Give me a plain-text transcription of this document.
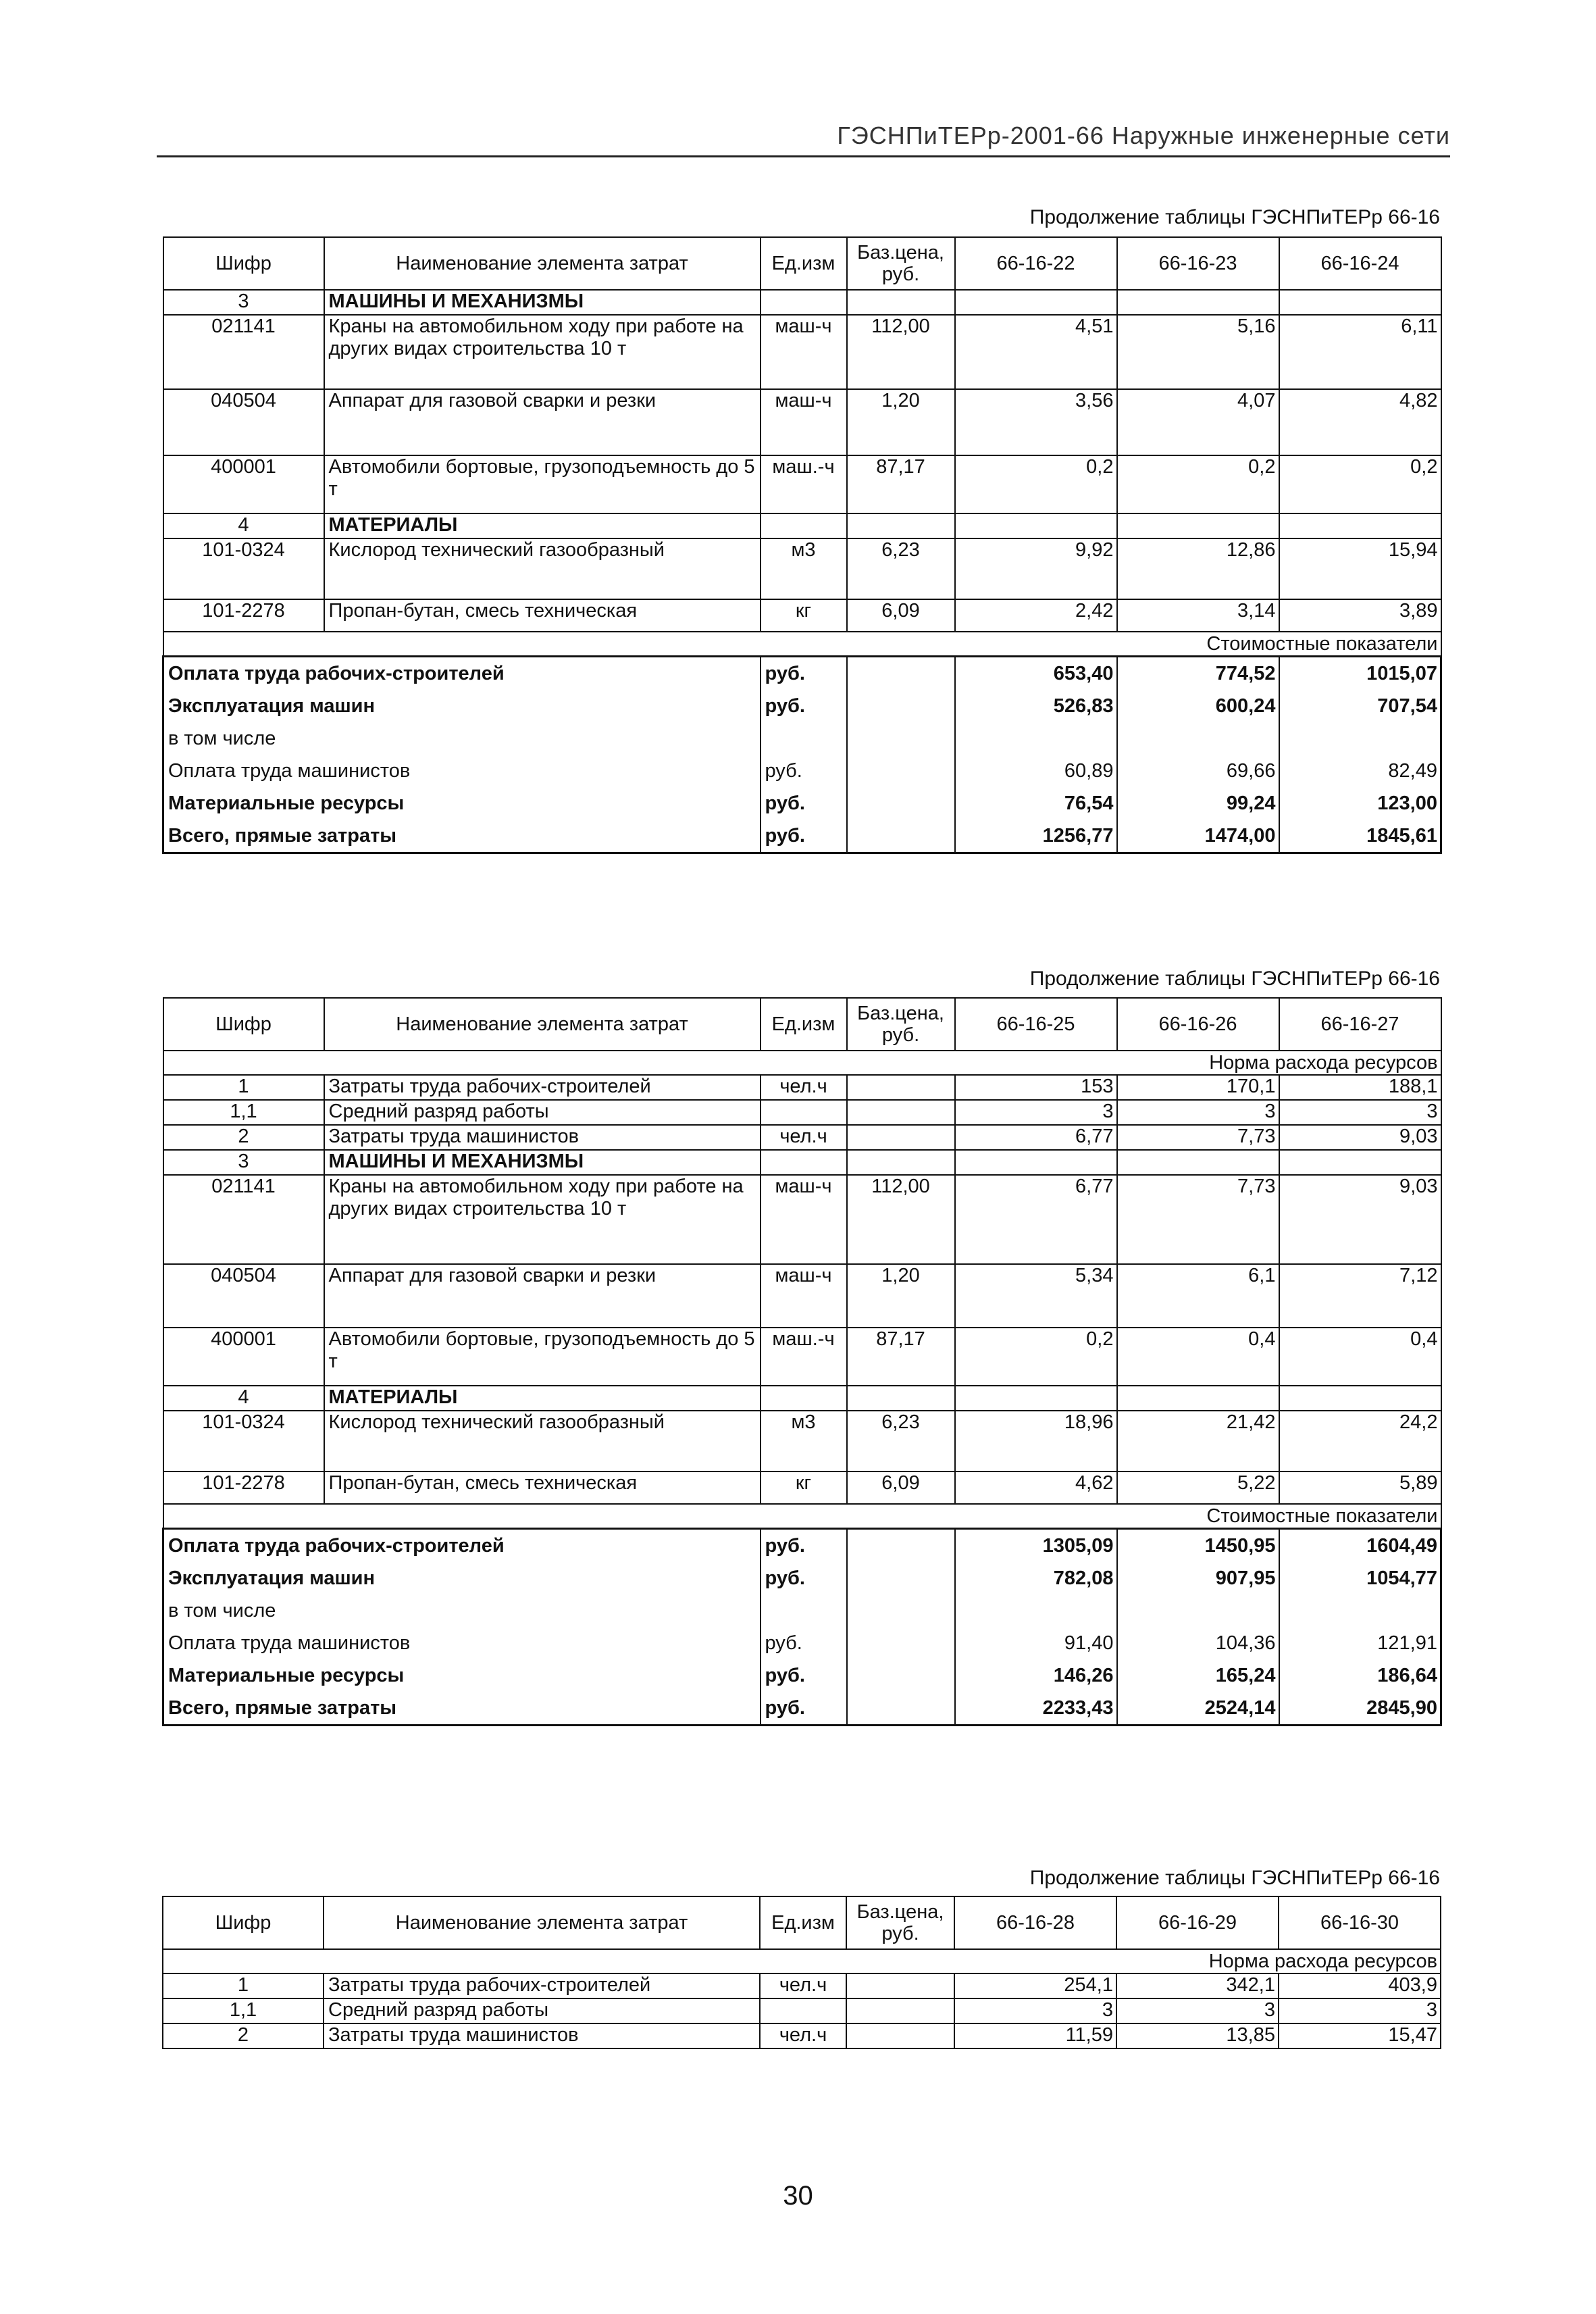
ГЭСНПиТЕРр-2001-66 Наружные инженерные сети
Продолжение таблицы ГЭСНПиТЕРр 66-16
Шифр	Наименование элемента затрат	Ед.изм	Баз.цена, руб.	66-16-22	66-16-23	66-16-24
3	МАШИНЫ И МЕХАНИЗМЫ					
021141	Краны на автомобильном ходу при работе на других видах строительства 10 т	маш-ч	112,00	4,51	5,16	6,11
040504	Аппарат для газовой сварки и резки	маш-ч	1,20	3,56	4,07	4,82
400001	Автомобили бортовые, грузоподъемность до 5 т	маш.-ч	87,17	0,2	0,2	0,2
4	МАТЕРИАЛЫ					
101-0324	Кислород технический газообразный	м3	6,23	9,92	12,86	15,94
101-2278	Пропан-бутан, смесь техническая	кг	6,09	2,42	3,14	3,89
Стоимостные показатели						
Оплата труда рабочих-строителей		руб.		653,40	774,52	1015,07
Эксплуатация машин		руб.		526,83	600,24	707,54
в том числе						
Оплата труда машинистов		руб.		60,89	69,66	82,49
Материальные ресурсы		руб.		76,54	99,24	123,00
Всего, прямые затраты		руб.		1256,77	1474,00	1845,61
Продолжение таблицы ГЭСНПиТЕРр 66-16
Шифр	Наименование элемента затрат	Ед.изм	Баз.цена, руб.	66-16-25	66-16-26	66-16-27
Норма расхода ресурсов						
1	Затраты труда рабочих-строителей	чел.ч		153	170,1	188,1
1,1	Средний разряд работы			3	3	3
2	Затраты труда машинистов	чел.ч		6,77	7,73	9,03
3	МАШИНЫ И МЕХАНИЗМЫ					
021141	Краны на автомобильном ходу при работе на других видах строительства 10 т	маш-ч	112,00	6,77	7,73	9,03
040504	Аппарат для газовой сварки и резки	маш-ч	1,20	5,34	6,1	7,12
400001	Автомобили бортовые, грузоподъемность до 5 т	маш.-ч	87,17	0,2	0,4	0,4
4	МАТЕРИАЛЫ					
101-0324	Кислород технический газообразный	м3	6,23	18,96	21,42	24,2
101-2278	Пропан-бутан, смесь техническая	кг	6,09	4,62	5,22	5,89
Стоимостные показатели						
Оплата труда рабочих-строителей		руб.		1305,09	1450,95	1604,49
Эксплуатация машин		руб.		782,08	907,95	1054,77
в том числе						
Оплата труда машинистов		руб.		91,40	104,36	121,91
Материальные ресурсы		руб.		146,26	165,24	186,64
Всего, прямые затраты		руб.		2233,43	2524,14	2845,90
Продолжение таблицы ГЭСНПиТЕРр 66-16
Шифр	Наименование элемента затрат	Ед.изм	Баз.цена, руб.	66-16-28	66-16-29	66-16-30
Норма расхода ресурсов						
1	Затраты труда рабочих-строителей	чел.ч		254,1	342,1	403,9
1,1	Средний разряд работы			3	3	3
2	Затраты труда машинистов	чел.ч		11,59	13,85	15,47
30
